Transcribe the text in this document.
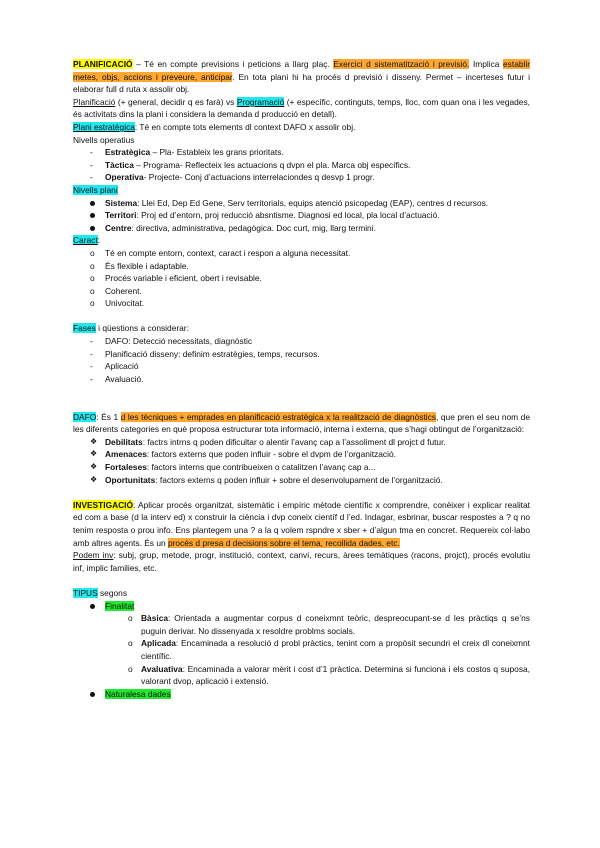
PLANIFICACIÓ – Té en compte previsions i peticions a llarg plaç. Exercici d sistematització i previsió. Implica establir metes, objs, accions i preveure, anticipar. En tota plani hi ha procés d previsió i disseny. Permet – incerteses futur i elaborar full d ruta x assolir obj.

Planificació (+ general, decidir q es farà) vs Programació (+ específic, continguts, temps, lloc, com quan ona i les vegades, és activitats dins la plani i considera la demanda d producció en detall).

Plani estratègica: Té en compte tots elements dl context DAFO x assolir obj.

Nivells operatius

- Estratègica – Pla- Estableix les grans prioritats.
- Tàctica – Programa- Reflecteix les actuacions q dvpn el pla. Marca obj específics.
- Operativa- Projecte- Conj d’actuacions interrelaciondes q desvp 1 progr.

Nivells plani

Sistema: Llei Ed, Dep Ed Gene, Serv territorials, equips atenció psicopedag (EAP), centres d recursos.
Territori: Proj ed d’entorn, proj reducció absntisme. Diagnosi ed local, pla local d’actuació.
Centre: directiva, administrativa, pedagògica. Doc curt, mig, llarg termini.

Caract:

o Té en compte entorn, context, caract i respon a alguna necessitat.
o És flexible i adaptable.
o Procés variable i eficient, obert i revisable.
o Coherent.
o Univocitat.

Fases i qüestions a considerar:

- DAFO: Detecció necessitats, diagnòstic
- Planificació disseny: definim estratègies, temps, recursos.
- Aplicació
- Avaluació.

DAFO: És 1 d les tècniques + emprades en planificació estratègica x la realització de diagnòstics, que pren el seu nom de les diferents categories en què proposa estructurar tota informació, interna i externa, que s’hagi obtingut de l’organització:

❖ Debilitats: factrs intrns q poden dificultar o alentir l’avanç cap a l’assoliment dl projct d futur.
❖ Amenaces: factors externs que poden influir - sobre el dvpm de l’organització.
❖ Fortaleses: factors interns que contribueixen o catalitzen l’avanç cap a...
❖ Oportunitats: factors externs q poden influir + sobre el desenvolupament de l’organització.

INVESTIGACIÓ: Aplicar procés organitzat, sistemàtic i empíric mètode científic x comprendre, conèixer i explicar realitat ed com a base (d la interv ed) x construir la ciència i dvp coneix científ d l’ed. Indagar, esbrinar, buscar respostes a ? q no tenim resposta o prou info. Ens plantegem una ? a la q volem rspndre x sber + d’algun tma en concret. Requereix col·labo amb altres agents. És un procés d presa d decisions sobre el tema, recollida dades, etc.

Podem inv: subj, grup, metode, progr, institució, context, canvi, recurs, àrees temàtiques (racons, projct), procés evolutiu inf, implic families, etc.

TIPUS segons

Finalitat
o Bàsica: Orientada a augmentar corpus d coneixmnt teòric, despreocupant-se d les pràctiqs q se’ns puguin derivar. No dissenyada x resoldre problms socials.
o Aplicada: Encaminada a resolució d probl pràctics, tenint com a propòsit secundri el creix dl coneixmnt científic.
o Avaluativa: Encaminada a valorar mèrit i cost d’1 pràctica. Determina si funciona i els costos q suposa, valorant dvop, aplicació i extensió.
Naturalesa dades
